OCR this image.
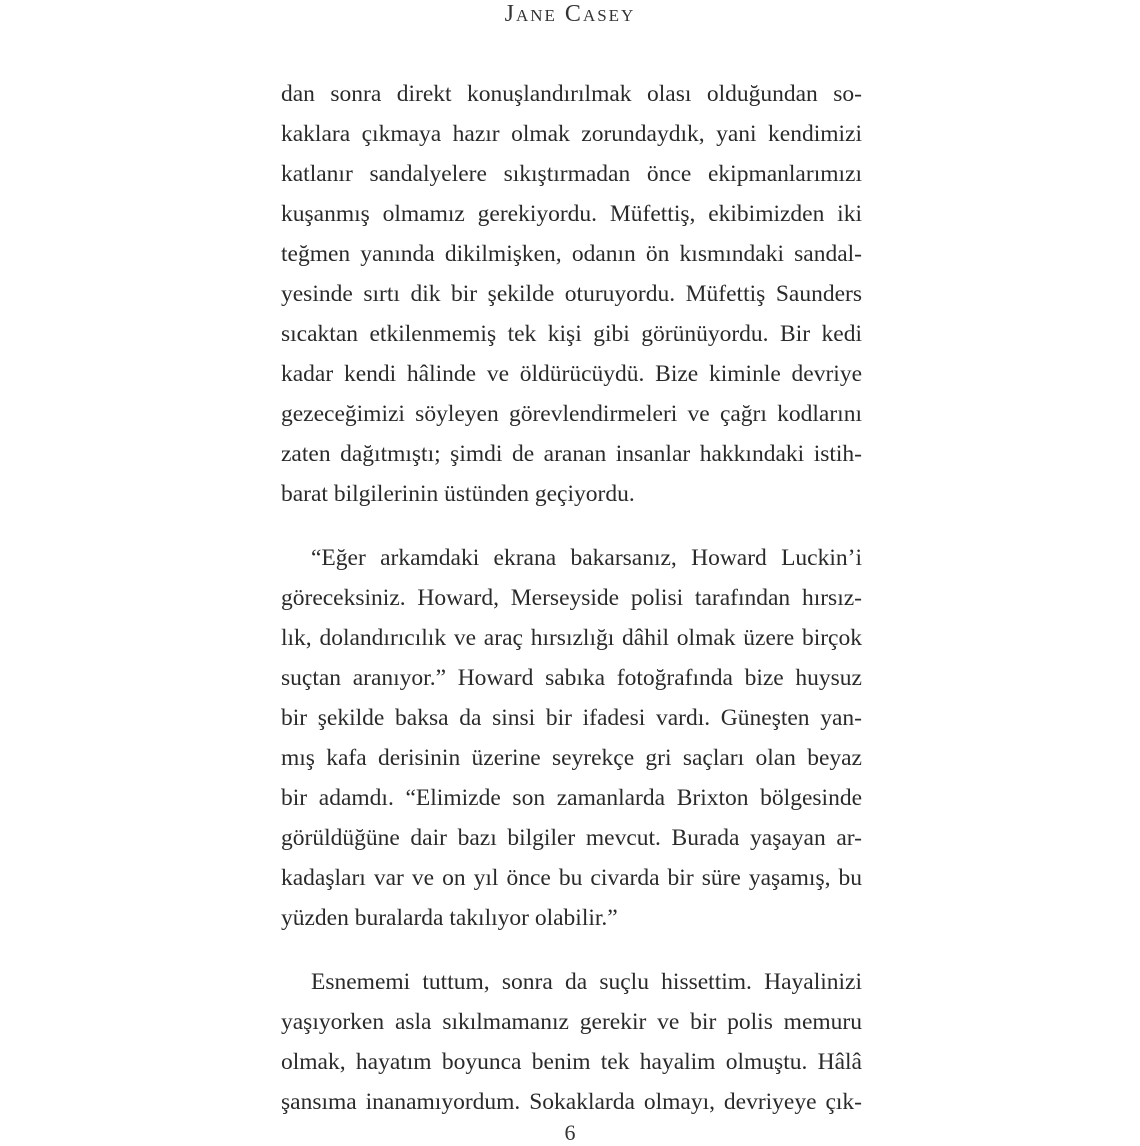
Jane Casey
dan sonra direkt konuşlandırılmak olası olduğundan so-
kaklara çıkmaya hazır olmak zorundaydık, yani kendimizi
katlanır sandalyelere sıkıştırmadan önce ekipmanlarımızı
kuşanmış olmamız gerekiyordu. Müfettiş, ekibimizden iki
teğmen yanında dikilmişken, odanın ön kısmındaki sandal-
yesinde sırtı dik bir şekilde oturuyordu. Müfettiş Saunders
sıcaktan etkilenmemiş tek kişi gibi görünüyordu. Bir kedi
kadar kendi hâlinde ve öldürücüydü. Bize kiminle devriye
gezeceğimizi söyleyen görevlendirmeleri ve çağrı kodlarını
zaten dağıtmıştı; şimdi de aranan insanlar hakkındaki istih-
barat bilgilerinin üstünden geçiyordu.
“Eğer arkamdaki ekrana bakarsanız, Howard Luckin’i
göreceksiniz. Howard, Merseyside polisi tarafından hırsız-
lık, dolandırıcılık ve araç hırsızlığı dâhil olmak üzere birçok
suçtan aranıyor.” Howard sabıka fotoğrafında bize huysuz
bir şekilde baksa da sinsi bir ifadesi vardı. Güneşten yan-
mış kafa derisinin üzerine seyrekçe gri saçları olan beyaz
bir adamdı. “Elimizde son zamanlarda Brixton bölgesinde
görüldüğüne dair bazı bilgiler mevcut. Burada yaşayan ar-
kadaşları var ve on yıl önce bu civarda bir süre yaşamış, bu
yüzden buralarda takılıyor olabilir.”
Esnememi tuttum, sonra da suçlu hissettim. Hayalinizi
yaşıyorken asla sıkılmamanız gerekir ve bir polis memuru
olmak, hayatım boyunca benim tek hayalim olmuştu. Hâlâ
şansıma inanamıyordum. Sokaklarda olmayı, devriyeye çık-
6
